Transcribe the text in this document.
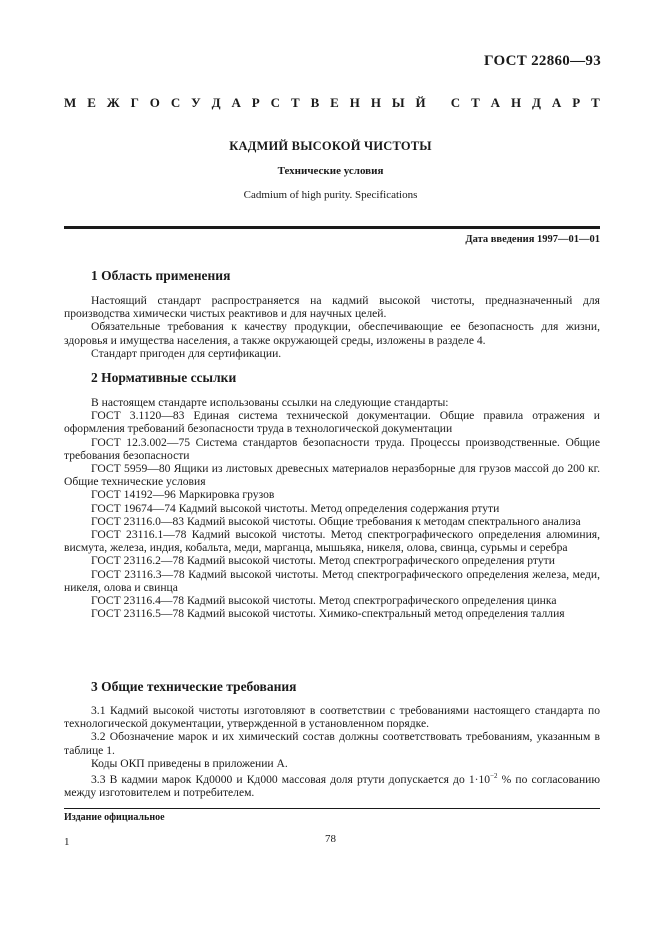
ГОСТ 22860—93
М Е Ж Г О С У Д А Р С Т В Е Н Н Ы Й
С Т А Н Д А Р Т
КАДМИЙ ВЫСОКОЙ ЧИСТОТЫ
Технические условия
Cadmium of high purity. Specifications
Дата введения 1997—01—01
1 Область применения

Настоящий стандарт распространяется на кадмий высокой чистоты, предназначенный для производства химически чистых реактивов и для научных целей.

Обязательные требования к качеству продукции, обеспечивающие ее безопасность для жизни, здоровья и имущества населения, а также окружающей среды, изложены в разделе 4.

Стандарт пригоден для сертификации.

2 Нормативные ссылки

В настоящем стандарте использованы ссылки на следующие стандарты:

ГОСТ 3.1120—83 Единая система технической документации. Общие правила отражения и оформления требований безопасности труда в технологической документации

ГОСТ 12.3.002—75 Система стандартов безопасности труда. Процессы производственные. Общие требования безопасности

ГОСТ 5959—80 Ящики из листовых древесных материалов неразборные для грузов массой до 200 кг. Общие технические условия

ГОСТ 14192—96 Маркировка грузов

ГОСТ 19674—74 Кадмий высокой чистоты. Метод определения содержания ртути

ГОСТ 23116.0—83 Кадмий высокой чистоты. Общие требования к методам спектрального анализа

ГОСТ 23116.1—78 Кадмий высокой чистоты. Метод спектрографического определения алюминия, висмута, железа, индия, кобальта, меди, марганца, мышьяка, никеля, олова, свинца, сурьмы и серебра

ГОСТ 23116.2—78 Кадмий высокой чистоты. Метод спектрографического определения ртути

ГОСТ 23116.3—78 Кадмий высокой чистоты. Метод спектрографического определения железа, меди, никеля, олова и свинца

ГОСТ 23116.4—78 Кадмий высокой чистоты. Метод спектрографического определения цинка

ГОСТ 23116.5—78 Кадмий высокой чистоты. Химико-спектральный метод определения таллия

3 Общие технические требования

3.1 Кадмий высокой чистоты изготовляют в соответствии с требованиями настоящего стандарта по технологической документации, утвержденной в установленном порядке.

3.2 Обозначение марок и их химический состав должны соответствовать требованиям, указанным в таблице 1.

Коды ОКП приведены в приложении А.

3.3 В кадмии марок Кд0000 и Кд000 массовая доля ртути допускается до $1\cdot 10^{-2}$ % по согласованию между изготовителем и потребителем.

Издание официальное
1	78
